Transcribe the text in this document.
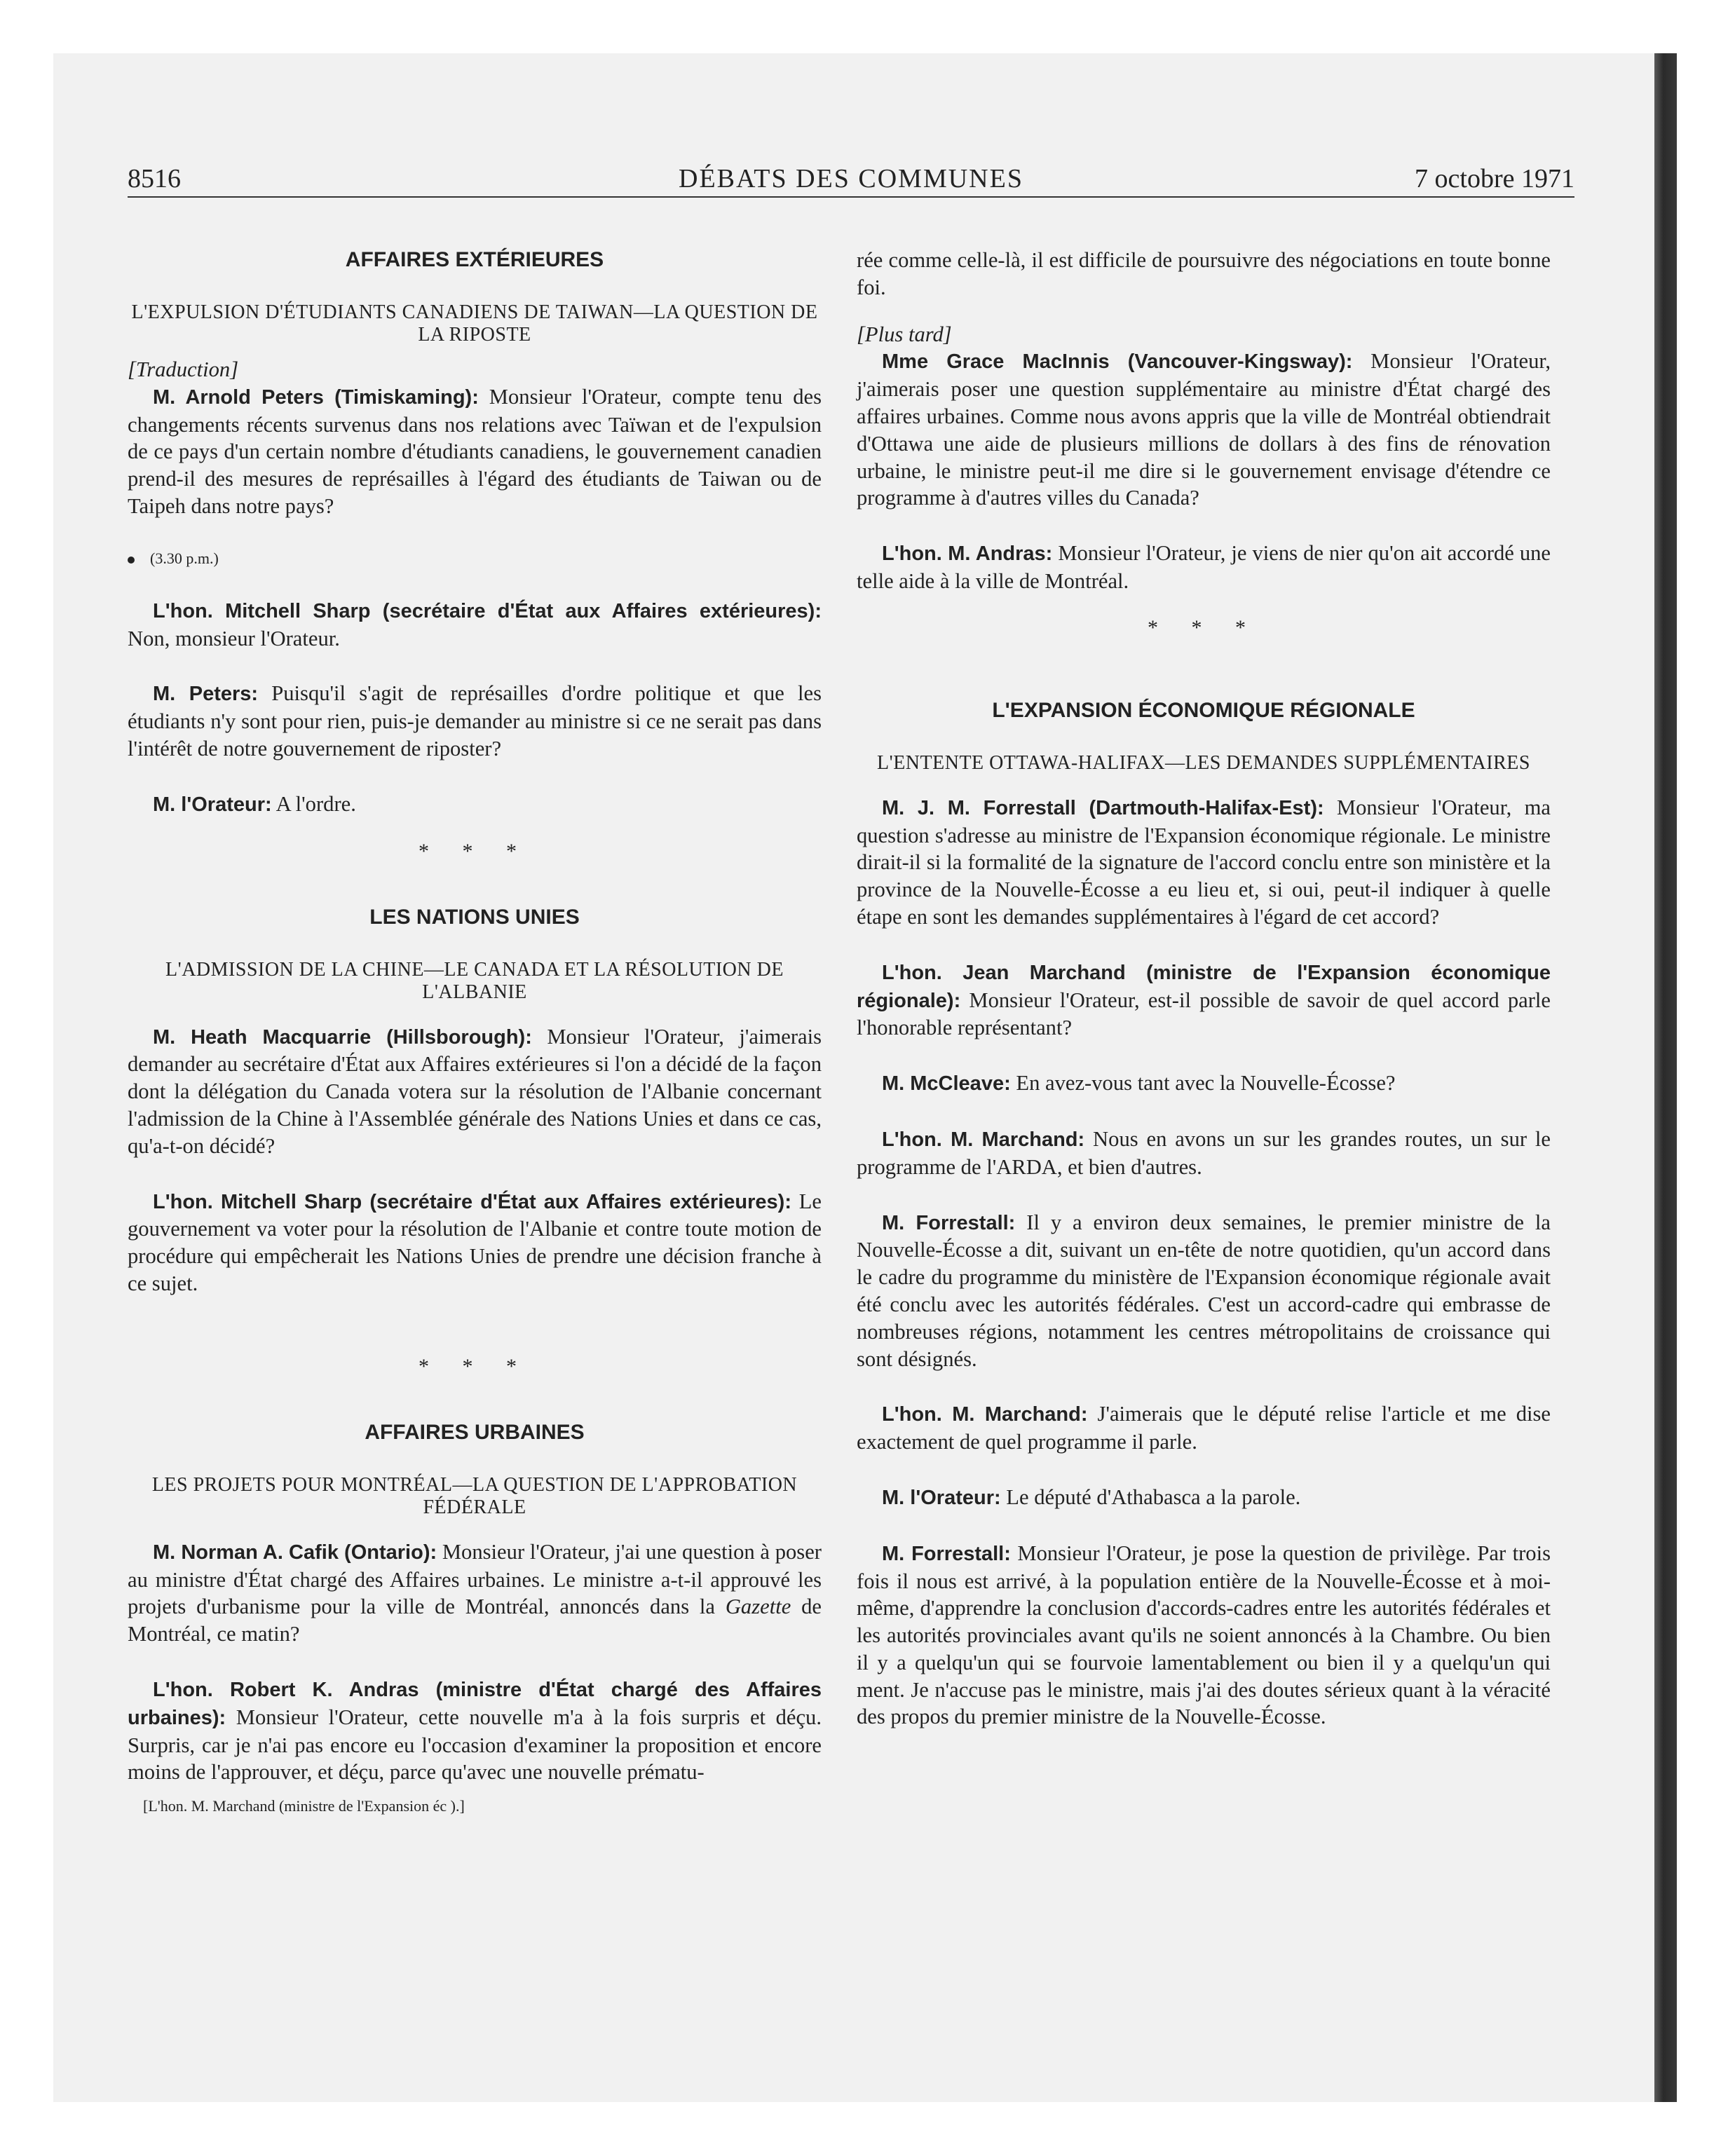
8516	DÉBATS DES COMMUNES	7 octobre 1971

AFFAIRES EXTÉRIEURES

L'EXPULSION D'ÉTUDIANTS CANADIENS DE TAIWAN—LA QUESTION DE LA RIPOSTE

[Traduction]

M. Arnold Peters (Timiskaming): Monsieur l'Orateur, compte tenu des changements récents survenus dans nos relations avec Taïwan et de l'expulsion de ce pays d'un certain nombre d'étudiants canadiens, le gouvernement canadien prend-il des mesures de représailles à l'égard des étudiants de Taiwan ou de Taipeh dans notre pays?

(3.30 p.m.)

L'hon. Mitchell Sharp (secrétaire d'État aux Affaires extérieures): Non, monsieur l'Orateur.

M. Peters: Puisqu'il s'agit de représailles d'ordre politique et que les étudiants n'y sont pour rien, puis-je demander au ministre si ce ne serait pas dans l'intérêt de notre gouvernement de riposter?

M. l'Orateur: A l'ordre.

* * *

LES NATIONS UNIES

L'ADMISSION DE LA CHINE—LE CANADA ET LA RÉSOLUTION DE L'ALBANIE

M. Heath Macquarrie (Hillsborough): Monsieur l'Orateur, j'aimerais demander au secrétaire d'État aux Affaires extérieures si l'on a décidé de la façon dont la délégation du Canada votera sur la résolution de l'Albanie concernant l'admission de la Chine à l'Assemblée générale des Nations Unies et dans ce cas, qu'a-t-on décidé?

L'hon. Mitchell Sharp (secrétaire d'État aux Affaires extérieures): Le gouvernement va voter pour la résolution de l'Albanie et contre toute motion de procédure qui empêcherait les Nations Unies de prendre une décision franche à ce sujet.

* * *

AFFAIRES URBAINES

LES PROJETS POUR MONTRÉAL—LA QUESTION DE L'APPROBATION FÉDÉRALE

M. Norman A. Cafik (Ontario): Monsieur l'Orateur, j'ai une question à poser au ministre d'État chargé des Affaires urbaines. Le ministre a-t-il approuvé les projets d'urbanisme pour la ville de Montréal, annoncés dans la Gazette de Montréal, ce matin?

L'hon. Robert K. Andras (ministre d'État chargé des Affaires urbaines): Monsieur l'Orateur, cette nouvelle m'a à la fois surpris et déçu. Surpris, car je n'ai pas encore eu l'occasion d'examiner la proposition et encore moins de l'approuver, et déçu, parce qu'avec une nouvelle prématu-

[L'hon. M. Marchand (ministre de l'Expansion éc ).]

rée comme celle-là, il est difficile de poursuivre des négociations en toute bonne foi.

[Plus tard]

Mme Grace MacInnis (Vancouver-Kingsway): Monsieur l'Orateur, j'aimerais poser une question supplémentaire au ministre d'État chargé des affaires urbaines. Comme nous avons appris que la ville de Montréal obtiendrait d'Ottawa une aide de plusieurs millions de dollars à des fins de rénovation urbaine, le ministre peut-il me dire si le gouvernement envisage d'étendre ce programme à d'autres villes du Canada?

L'hon. M. Andras: Monsieur l'Orateur, je viens de nier qu'on ait accordé une telle aide à la ville de Montréal.

* * *

L'EXPANSION ÉCONOMIQUE RÉGIONALE

L'ENTENTE OTTAWA-HALIFAX—LES DEMANDES SUPPLÉMENTAIRES

M. J. M. Forrestall (Dartmouth-Halifax-Est): Monsieur l'Orateur, ma question s'adresse au ministre de l'Expansion économique régionale. Le ministre dirait-il si la formalité de la signature de l'accord conclu entre son ministère et la province de la Nouvelle-Écosse a eu lieu et, si oui, peut-il indiquer à quelle étape en sont les demandes supplémentaires à l'égard de cet accord?

L'hon. Jean Marchand (ministre de l'Expansion économique régionale): Monsieur l'Orateur, est-il possible de savoir de quel accord parle l'honorable représentant?

M. McCleave: En avez-vous tant avec la Nouvelle-Écosse?

L'hon. M. Marchand: Nous en avons un sur les grandes routes, un sur le programme de l'ARDA, et bien d'autres.

M. Forrestall: Il y a environ deux semaines, le premier ministre de la Nouvelle-Écosse a dit, suivant un en-tête de notre quotidien, qu'un accord dans le cadre du programme du ministère de l'Expansion économique régionale avait été conclu avec les autorités fédérales. C'est un accord-cadre qui embrasse de nombreuses régions, notamment les centres métropolitains de croissance qui sont désignés.

L'hon. M. Marchand: J'aimerais que le député relise l'article et me dise exactement de quel programme il parle.

M. l'Orateur: Le député d'Athabasca a la parole.

M. Forrestall: Monsieur l'Orateur, je pose la question de privilège. Par trois fois il nous est arrivé, à la population entière de la Nouvelle-Écosse et à moi-même, d'apprendre la conclusion d'accords-cadres entre les autorités fédérales et les autorités provinciales avant qu'ils ne soient annoncés à la Chambre. Ou bien il y a quelqu'un qui se fourvoie lamentablement ou bien il y a quelqu'un qui ment. Je n'accuse pas le ministre, mais j'ai des doutes sérieux quant à la véracité des propos du premier ministre de la Nouvelle-Écosse.
